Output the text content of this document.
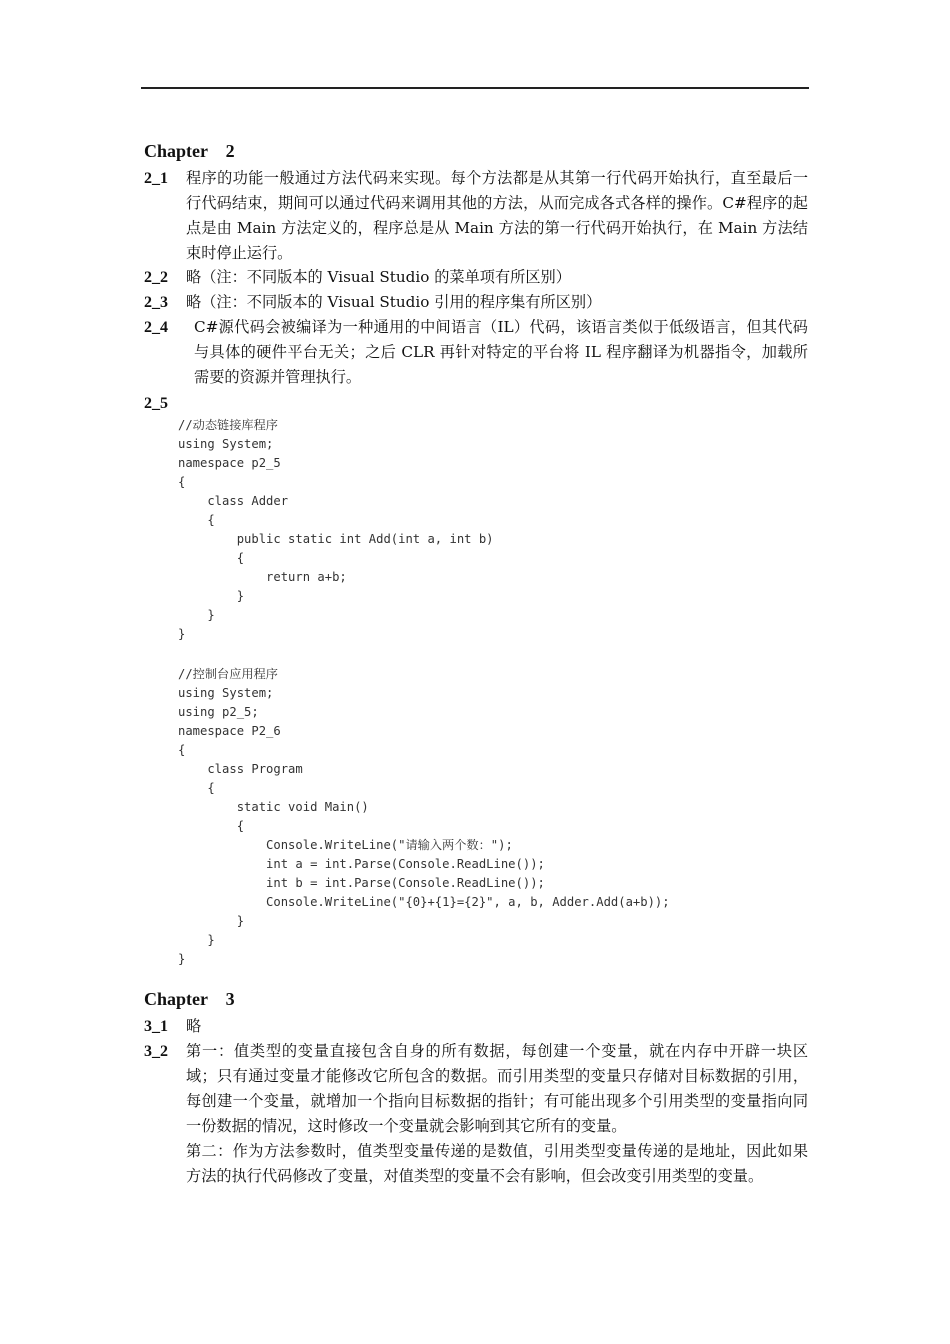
Chapter    2
2_1 程序的功能一般通过方法代码来实现。每个方法都是从其第一行代码开始执行，直至最后一行代码结束，期间可以通过代码来调用其他的方法，从而完成各式各样的操作。C#程序的起点是由 Main 方法定义的，程序总是从 Main 方法的第一行代码开始执行，在 Main 方法结束时停止运行。
2_2 略（注：不同版本的 Visual Studio 的菜单项有所区别）
2_3 略（注：不同版本的 Visual Studio 引用的程序集有所区别）
2_4 C#源代码会被编译为一种通用的中间语言（IL）代码，该语言类似于低级语言，但其代码与具体的硬件平台无关；之后 CLR 再针对特定的平台将 IL 程序翻译为机器指令，加载所需要的资源并管理执行。
2_5
//动态链接库程序
using System;
namespace p2_5
{
class Adder
{
public static int Add(int a, int b)
{
return a+b;
}
}
}
//控制台应用程序
using System;
using p2_5;
namespace P2_6
{
class Program
{
static void Main()
{
Console.WriteLine("请输入两个数：");
int a = int.Parse(Console.ReadLine());
int b = int.Parse(Console.ReadLine());
Console.WriteLine("{0}+{1}={2}", a, b, Adder.Add(a+b));
}
}
}
Chapter    3
3_1 略
3_2 第一：值类型的变量直接包含自身的所有数据，每创建一个变量，就在内存中开辟一块区域；只有通过变量才能修改它所包含的数据。而引用类型的变量只存储对目标数据的引用，每创建一个变量，就增加一个指向目标数据的指针；有可能出现多个引用类型的变量指向同一份数据的情况，这时修改一个变量就会影响到其它所有的变量。
第二：作为方法参数时，值类型变量传递的是数值，引用类型变量传递的是地址，因此如果方法的执行代码修改了变量，对值类型的变量不会有影响，但会改变引用类型的变量。
